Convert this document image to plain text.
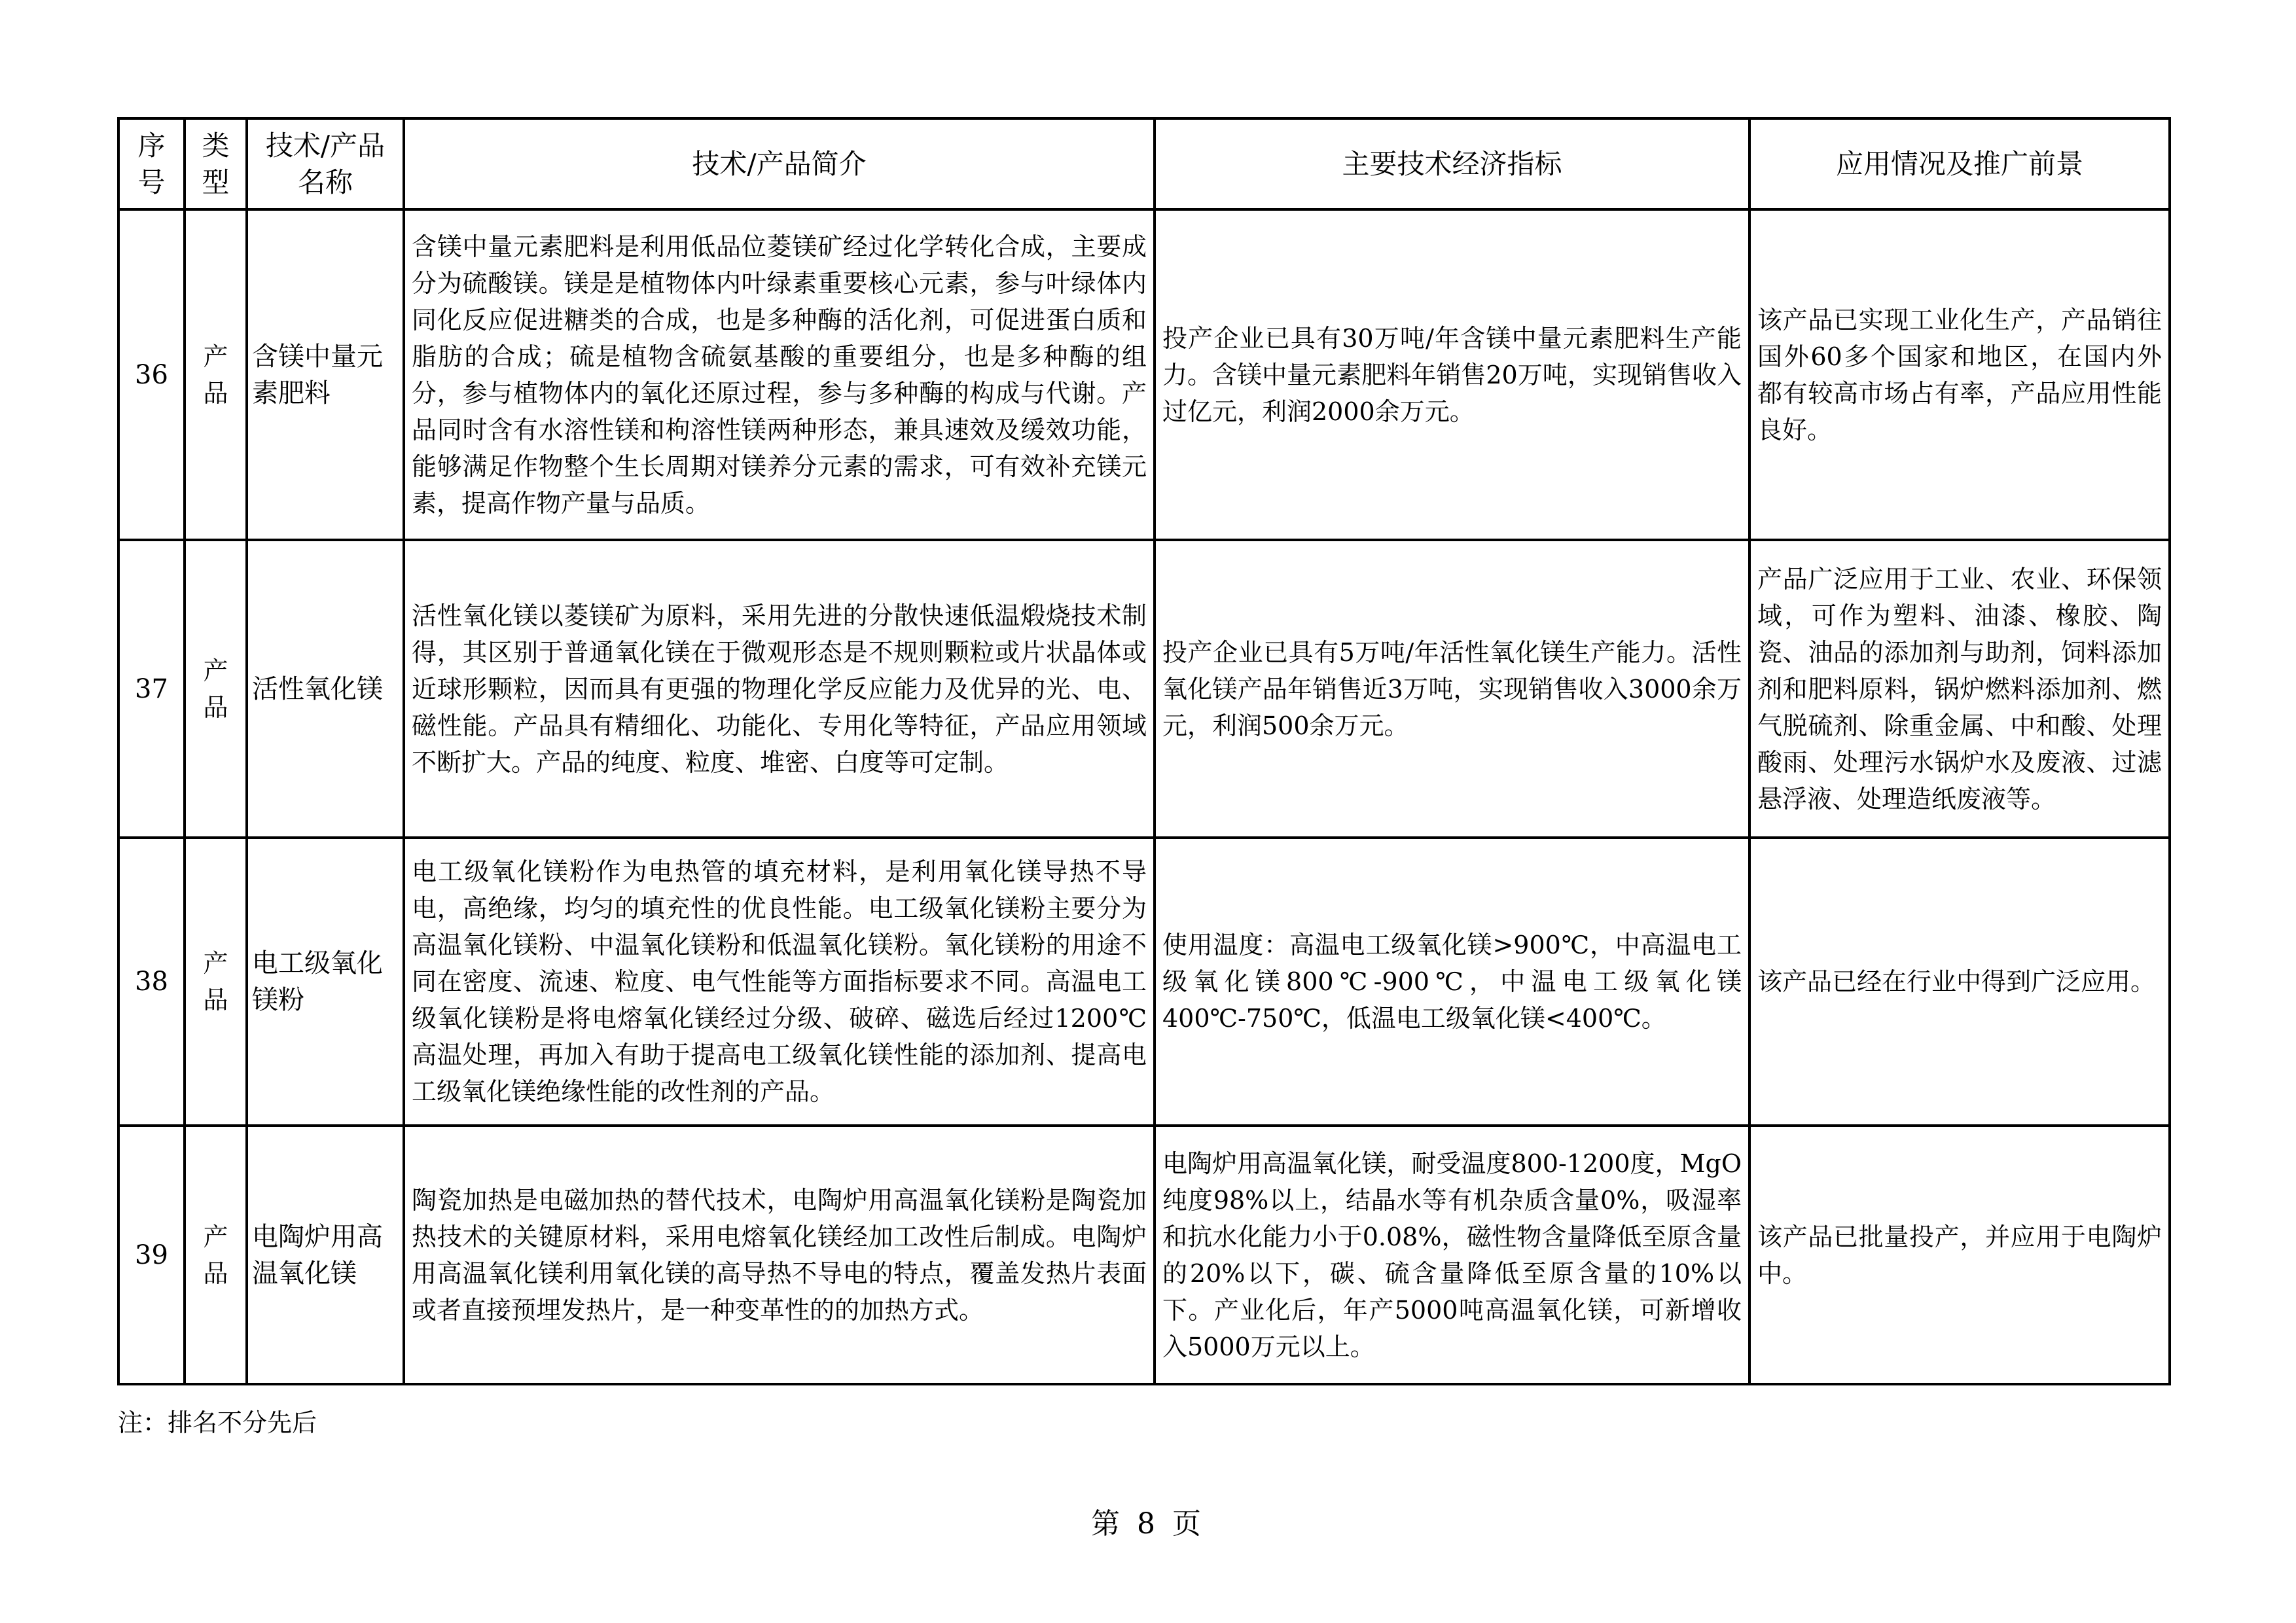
序号	类型	技术/产品名称	技术/产品简介	主要技术经济指标	应用情况及推广前景
36	产品	含镁中量元素肥料	含镁中量元素肥料是利用低品位菱镁矿经过化学转化合成，主要成分为硫酸镁。镁是是植物体内叶绿素重要核心元素，参与叶绿体内同化反应促进糖类的合成，也是多种酶的活化剂，可促进蛋白质和脂肪的合成；硫是植物含硫氨基酸的重要组分，也是多种酶的组分，参与植物体内的氧化还原过程，参与多种酶的构成与代谢。产品同时含有水溶性镁和枸溶性镁两种形态，兼具速效及缓效功能，能够满足作物整个生长周期对镁养分元素的需求，可有效补充镁元素，提高作物产量与品质。	投产企业已具有30万吨/年含镁中量元素肥料生产能力。含镁中量元素肥料年销售20万吨，实现销售收入过亿元，利润2000余万元。	该产品已实现工业化生产，产品销往国外60多个国家和地区，在国内外都有较高市场占有率，产品应用性能良好。
37	产品	活性氧化镁	活性氧化镁以菱镁矿为原料，采用先进的分散快速低温煅烧技术制得，其区别于普通氧化镁在于微观形态是不规则颗粒或片状晶体或近球形颗粒，因而具有更强的物理化学反应能力及优异的光、电、磁性能。产品具有精细化、功能化、专用化等特征，产品应用领域不断扩大。产品的纯度、粒度、堆密、白度等可定制。	投产企业已具有5万吨/年活性氧化镁生产能力。活性氧化镁产品年销售近3万吨，实现销售收入3000余万元，利润500余万元。	产品广泛应用于工业、农业、环保领域，可作为塑料、油漆、橡胶、陶瓷、油品的添加剂与助剂，饲料添加剂和肥料原料，锅炉燃料添加剂、燃气脱硫剂、除重金属、中和酸、处理酸雨、处理污水锅炉水及废液、过滤悬浮液、处理造纸废液等。
38	产品	电工级氧化镁粉	电工级氧化镁粉作为电热管的填充材料，是利用氧化镁导热不导电，高绝缘，均匀的填充性的优良性能。电工级氧化镁粉主要分为高温氧化镁粉、中温氧化镁粉和低温氧化镁粉。氧化镁粉的用途不同在密度、流速、粒度、电气性能等方面指标要求不同。高温电工级氧化镁粉是将电熔氧化镁经过分级、破碎、磁选后经过1200℃高温处理，再加入有助于提高电工级氧化镁性能的添加剂、提高电工级氧化镁绝缘性能的改性剂的产品。	使用温度：高温电工级氧化镁>900℃，中高温电工级氧化镁800℃-900℃，中温电工级氧化镁400℃-750℃，低温电工级氧化镁<400℃。	该产品已经在行业中得到广泛应用。
39	产品	电陶炉用高温氧化镁	陶瓷加热是电磁加热的替代技术，电陶炉用高温氧化镁粉是陶瓷加热技术的关键原材料，采用电熔氧化镁经加工改性后制成。电陶炉用高温氧化镁利用氧化镁的高导热不导电的特点，覆盖发热片表面或者直接预埋发热片，是一种变革性的的加热方式。	电陶炉用高温氧化镁，耐受温度800-1200度，MgO纯度98%以上，结晶水等有机杂质含量0%，吸湿率和抗水化能力小于0.08%，磁性物含量降低至原含量的20%以下，碳、硫含量降低至原含量的10%以下。产业化后，年产5000吨高温氧化镁，可新增收入5000万元以上。	该产品已批量投产，并应用于电陶炉中。
注：排名不分先后
第 8 页
